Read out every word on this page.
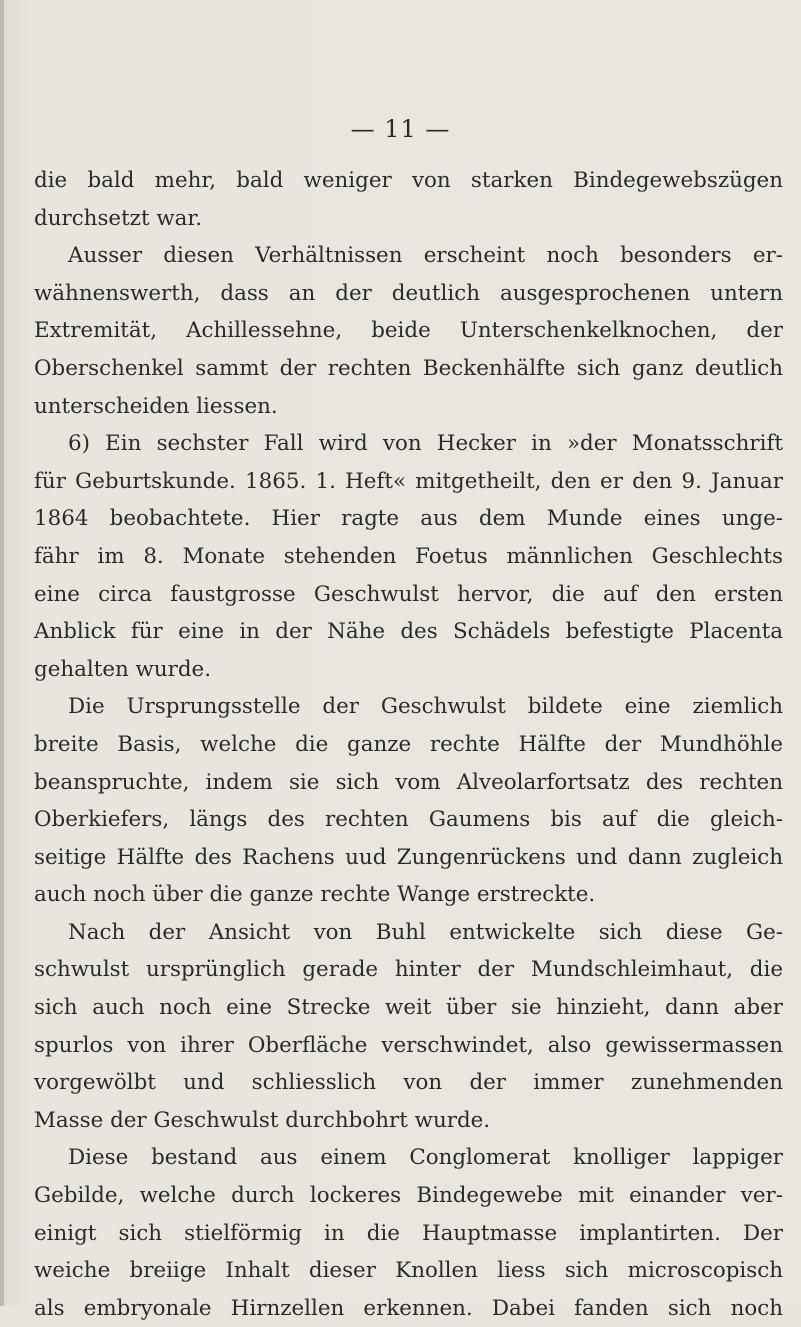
— 11 —
die bald mehr, bald weniger von starken Bindegewebszügen
durchsetzt war.
Ausser diesen Verhältnissen erscheint noch besonders er-
wähnenswerth, dass an der deutlich ausgesprochenen untern
Extremität, Achillessehne, beide Unterschenkelknochen, der
Oberschenkel sammt der rechten Beckenhälfte sich ganz deutlich
unterscheiden liessen.
6) Ein sechster Fall wird von Hecker in »der Monatsschrift
für Geburtskunde. 1865. 1. Heft« mitgetheilt, den er den 9. Januar
1864 beobachtete. Hier ragte aus dem Munde eines unge-
fähr im 8. Monate stehenden Foetus männlichen Geschlechts
eine circa faustgrosse Geschwulst hervor, die auf den ersten
Anblick für eine in der Nähe des Schädels befestigte Placenta
gehalten wurde.
Die Ursprungsstelle der Geschwulst bildete eine ziemlich
breite Basis, welche die ganze rechte Hälfte der Mundhöhle
beanspruchte, indem sie sich vom Alveolarfortsatz des rechten
Oberkiefers, längs des rechten Gaumens bis auf die gleich-
seitige Hälfte des Rachens uud Zungenrückens und dann zugleich
auch noch über die ganze rechte Wange erstreckte.
Nach der Ansicht von Buhl entwickelte sich diese Ge-
schwulst ursprünglich gerade hinter der Mundschleimhaut, die
sich auch noch eine Strecke weit über sie hinzieht, dann aber
spurlos von ihrer Oberfläche verschwindet, also gewissermassen
vorgewölbt und schliesslich von der immer zunehmenden
Masse der Geschwulst durchbohrt wurde.
Diese bestand aus einem Conglomerat knolliger lappiger
Gebilde, welche durch lockeres Bindegewebe mit einander ver-
einigt sich stielförmig in die Hauptmasse implantirten. Der
weiche breiige Inhalt dieser Knollen liess sich microscopisch
als embryonale Hirnzellen erkennen. Dabei fanden sich noch
